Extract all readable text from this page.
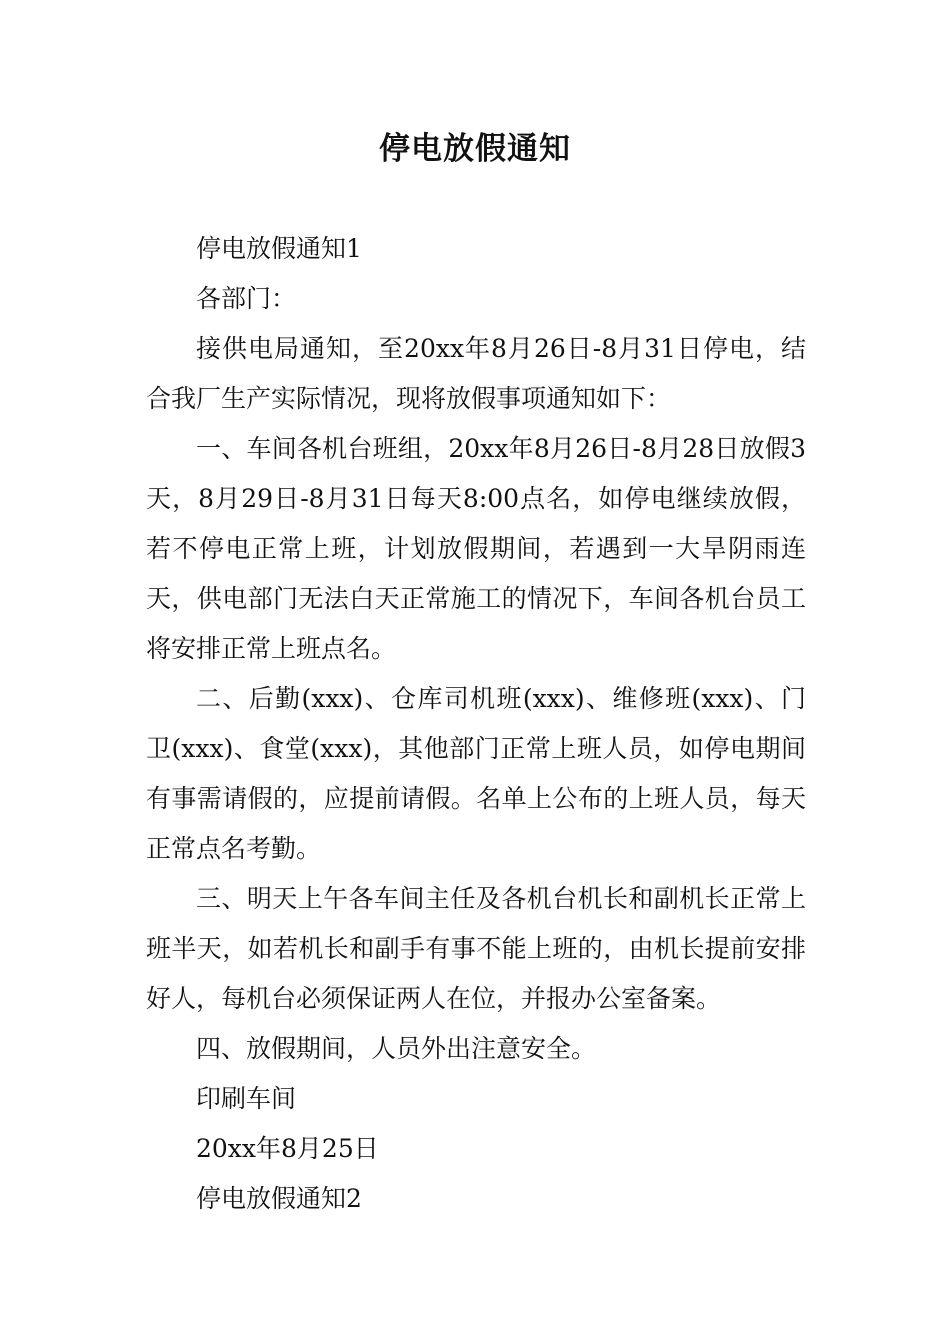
停电放假通知

停电放假通知1

各部门：

接供电局通知，至20xx年8月26日-8月31日停电，结合我厂生产实际情况，现将放假事项通知如下：

一、车间各机台班组，20xx年8月26日-8月28日放假3天，8月29日-8月31日每天8:00点名，如停电继续放假，若不停电正常上班，计划放假期间，若遇到一大旱阴雨连天，供电部门无法白天正常施工的情况下，车间各机台员工将安排正常上班点名。

二、后勤(xxx)、仓库司机班(xxx)、维修班(xxx)、门卫(xxx)、食堂(xxx)，其他部门正常上班人员，如停电期间有事需请假的，应提前请假。名单上公布的上班人员，每天正常点名考勤。

三、明天上午各车间主任及各机台机长和副机长正常上班半天，如若机长和副手有事不能上班的，由机长提前安排好人，每机台必须保证两人在位，并报办公室备案。

四、放假期间，人员外出注意安全。

印刷车间

20xx年8月25日

停电放假通知2
